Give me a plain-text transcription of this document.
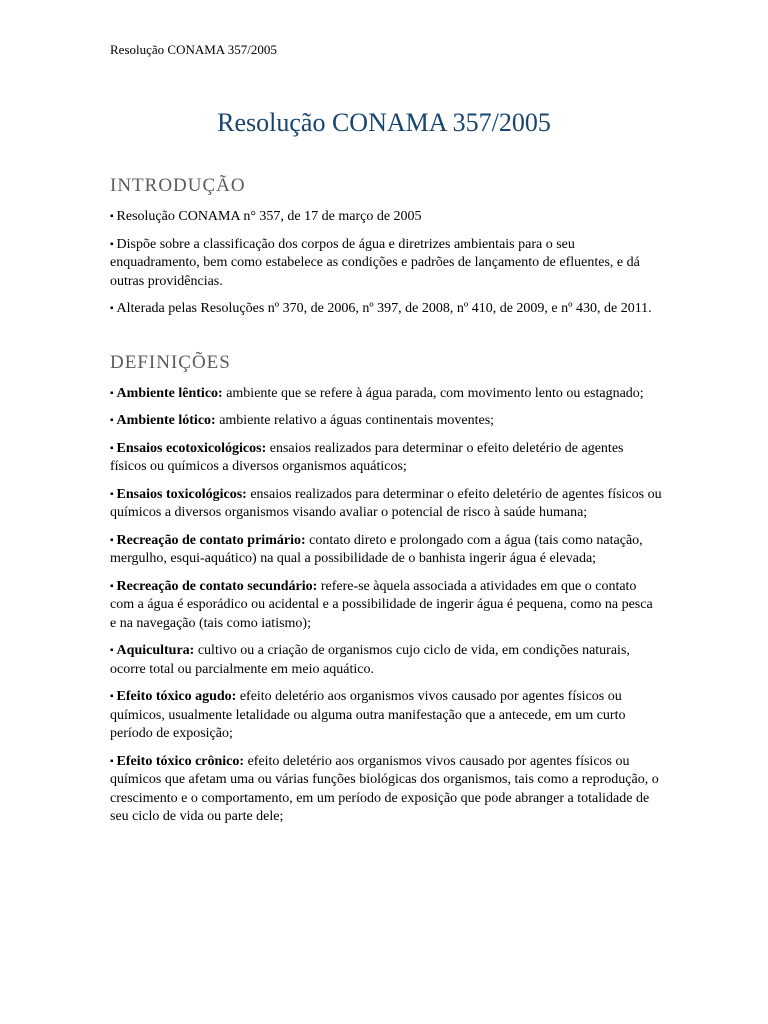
Resolução CONAMA 357/2005
Resolução CONAMA 357/2005
INTRODUÇÃO

▪ Resolução CONAMA n° 357, de 17 de março de 2005

▪ Dispõe sobre a classificação dos corpos de água e diretrizes ambientais para o seu enquadramento, bem como estabelece as condições e padrões de lançamento de efluentes, e dá outras providências.

▪ Alterada pelas Resoluções nº 370, de 2006, nº 397, de 2008, nº 410, de 2009, e nº 430, de 2011.

DEFINIÇÕES

▪ Ambiente lêntico: ambiente que se refere à água parada, com movimento lento ou estagnado;

▪ Ambiente lótico: ambiente relativo a águas continentais moventes;

▪ Ensaios ecotoxicológicos: ensaios realizados para determinar o efeito deletério de agentes físicos ou químicos a diversos organismos aquáticos;

▪ Ensaios toxicológicos: ensaios realizados para determinar o efeito deletério de agentes físicos ou químicos a diversos organismos visando avaliar o potencial de risco à saúde humana;

▪ Recreação de contato primário: contato direto e prolongado com a água (tais como natação, mergulho, esqui-aquático) na qual a possibilidade de o banhista ingerir água é elevada;

▪ Recreação de contato secundário: refere-se àquela associada a atividades em que o contato com a água é esporádico ou acidental e a possibilidade de ingerir água é pequena, como na pesca e na navegação (tais como iatismo);

▪ Aquicultura: cultivo ou a criação de organismos cujo ciclo de vida, em condições naturais, ocorre total ou parcialmente em meio aquático.

▪ Efeito tóxico agudo: efeito deletério aos organismos vivos causado por agentes físicos ou químicos, usualmente letalidade ou alguma outra manifestação que a antecede, em um curto período de exposição;

▪ Efeito tóxico crônico: efeito deletério aos organismos vivos causado por agentes físicos ou químicos que afetam uma ou várias funções biológicas dos organismos, tais como a reprodução, o crescimento e o comportamento, em um período de exposição que pode abranger a totalidade de seu ciclo de vida ou parte dele;
